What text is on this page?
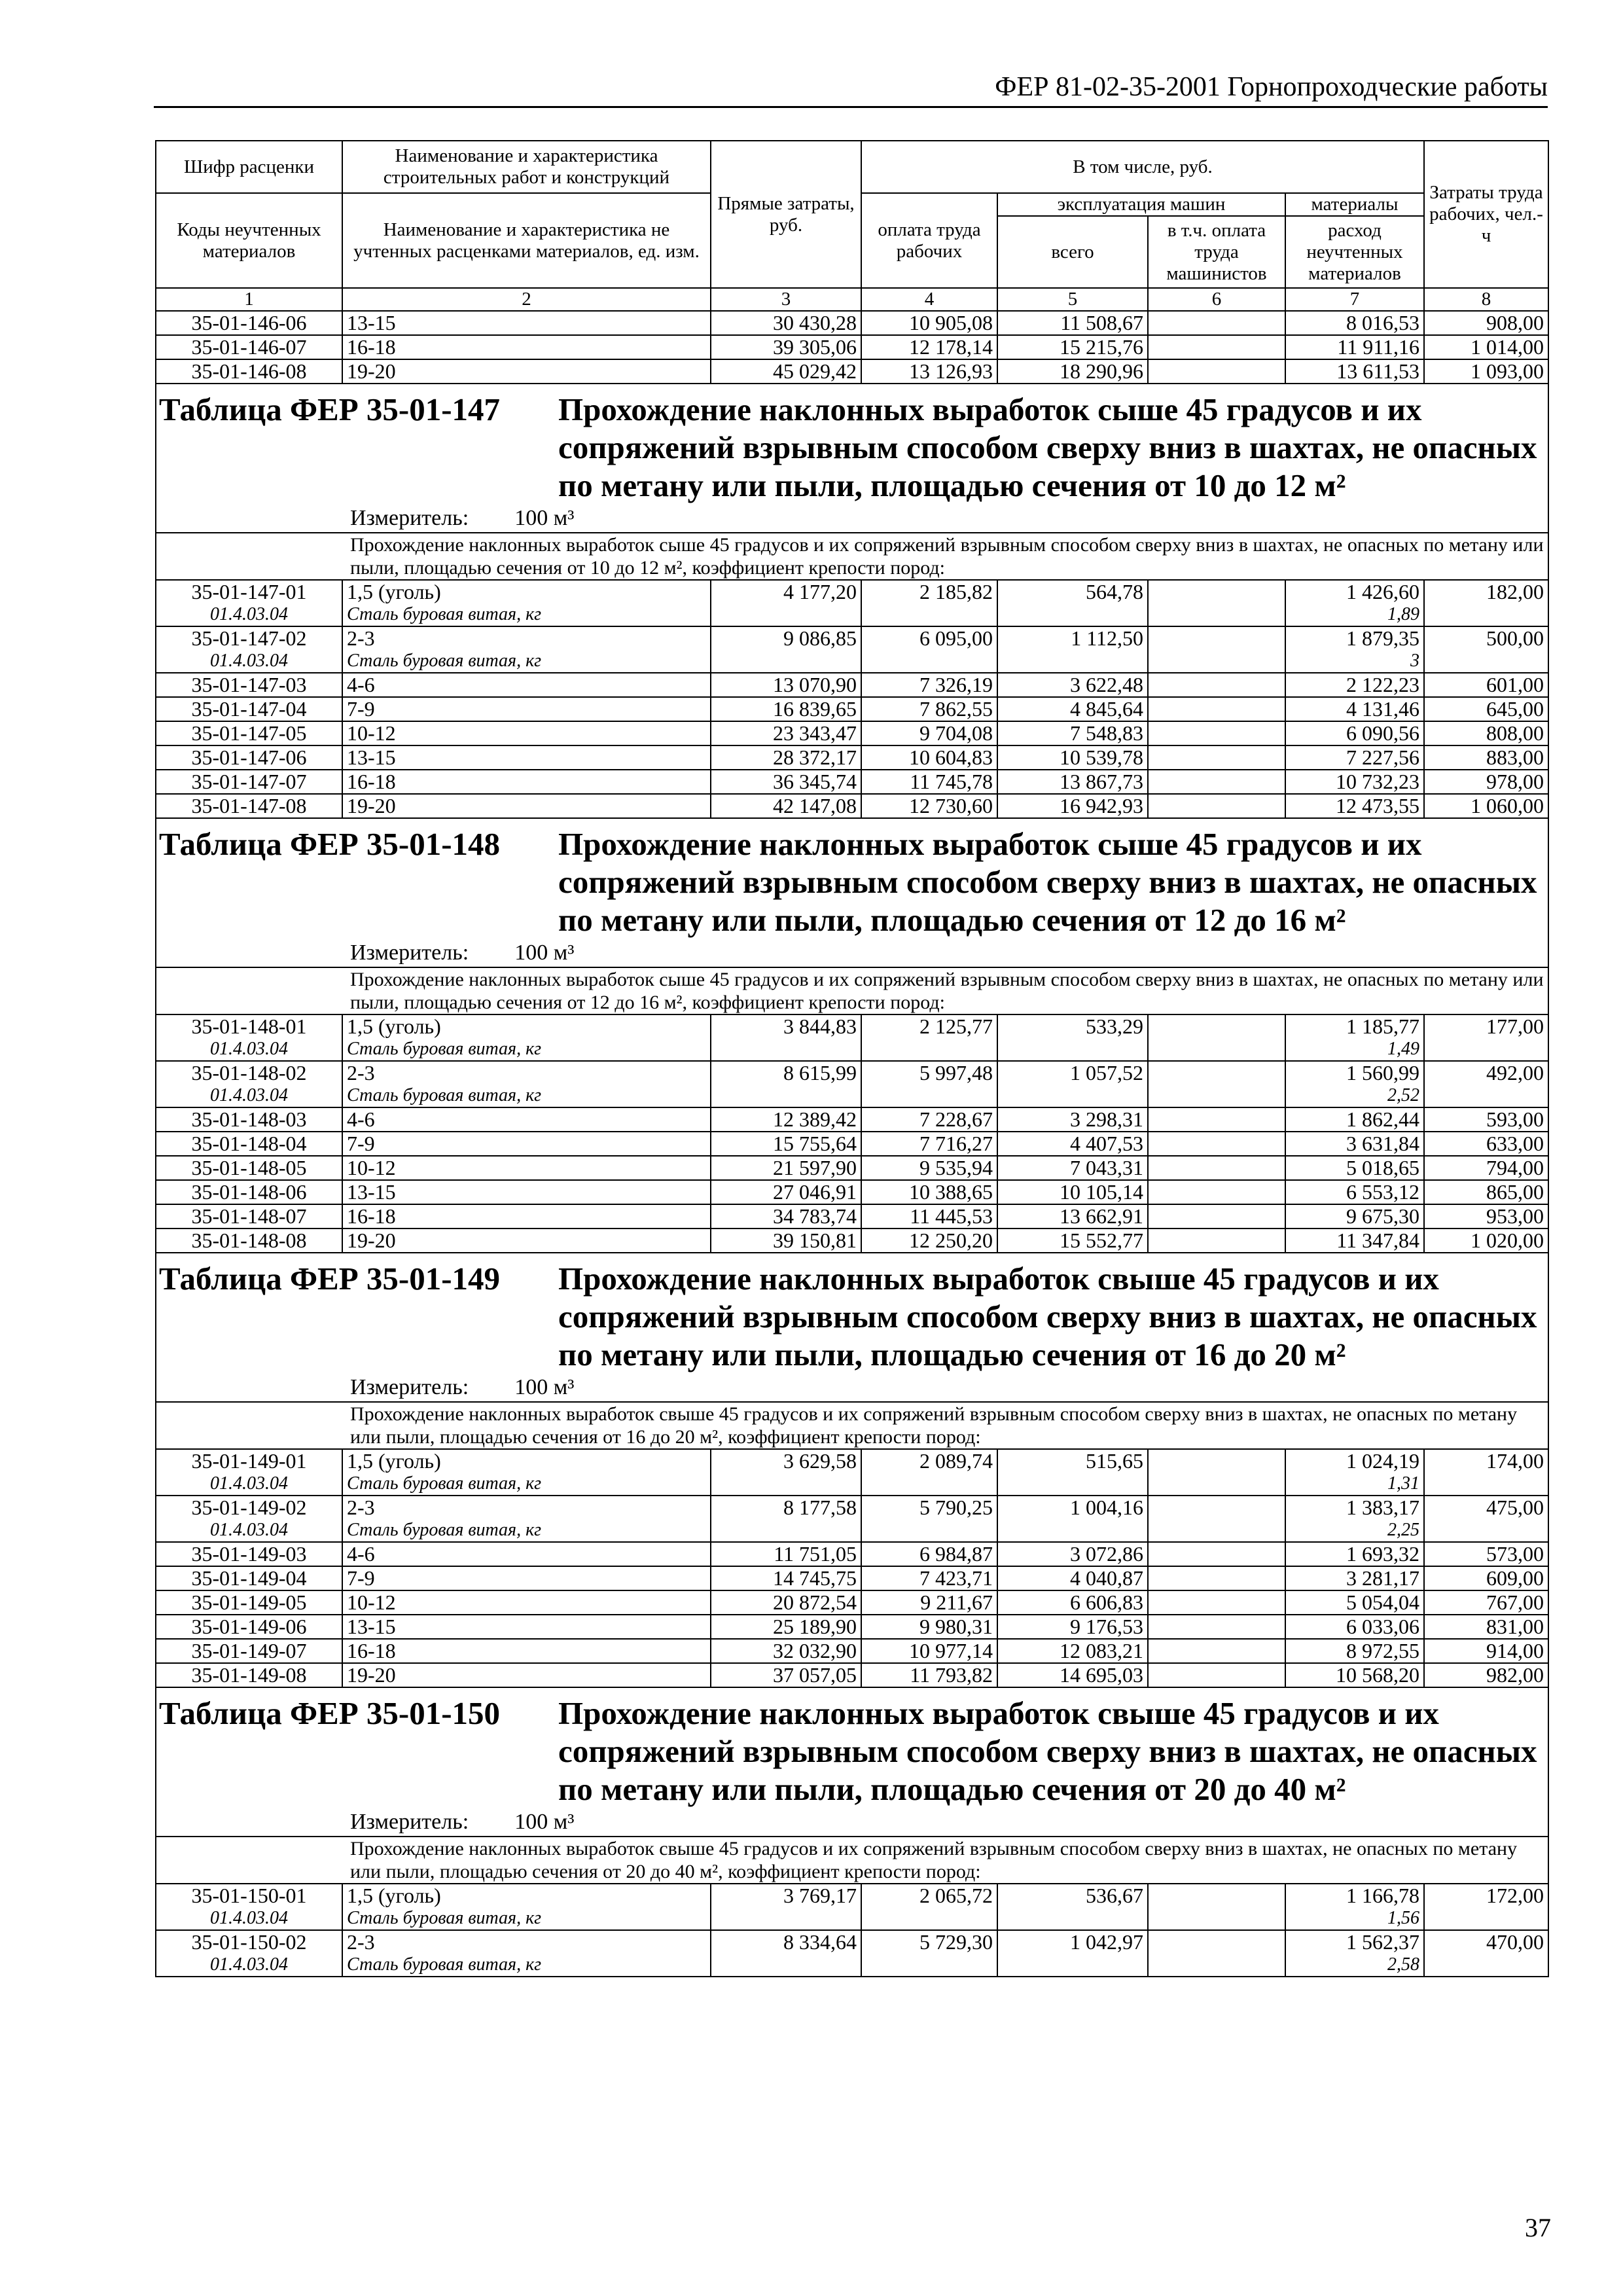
ФЕР 81-02-35-2001 Горнопроходческие работы
Шифр расценки	Наименование и характеристика строительных работ и конструкций	Прямые затраты, руб.	В том числе, руб.				Затраты труда рабочих, чел.-ч
Коды неучтенных материалов	Наименование и характеристика не учтенных расценками материалов, ед. изм.		оплата труда рабочих	эксплуатация машин		материалы	
				всего	в т.ч. оплата труда машинистов	расход неучтенных материалов	
1	2	3	4	5	6	7	8
35-01-146-06	13-15	30 430,28	10 905,08	11 508,67		8 016,53	908,00
35-01-146-07	16-18	39 305,06	12 178,14	15 215,76		11 911,16	1 014,00
35-01-146-08	19-20	45 029,42	13 126,93	18 290,96		13 611,53	1 093,00
Таблица ФЕР 35-01-147 Прохождение наклонных выработок сыше 45 градусов и их сопряжений взрывным способом сверху вниз в шахтах, не опасных по метану или пыли, площадью сечения от 10 до 12 м²							
Измеритель: 100 м³							
Прохождение наклонных выработок сыше 45 градусов и их сопряжений взрывным способом сверху вниз в шахтах, не опасных по метану или пыли, площадью сечения от 10 до 12 м², коэффициент крепости пород:							
35-01-147-01	1,5 (уголь)	4 177,20	2 185,82	564,78		1 426,60	182,00
01.4.03.04	Сталь буровая витая, кг					1,89	
35-01-147-02	2-3	9 086,85	6 095,00	1 112,50		1 879,35	500,00
01.4.03.04	Сталь буровая витая, кг					3	
35-01-147-03	4-6	13 070,90	7 326,19	3 622,48		2 122,23	601,00
35-01-147-04	7-9	16 839,65	7 862,55	4 845,64		4 131,46	645,00
35-01-147-05	10-12	23 343,47	9 704,08	7 548,83		6 090,56	808,00
35-01-147-06	13-15	28 372,17	10 604,83	10 539,78		7 227,56	883,00
35-01-147-07	16-18	36 345,74	11 745,78	13 867,73		10 732,23	978,00
35-01-147-08	19-20	42 147,08	12 730,60	16 942,93		12 473,55	1 060,00
Таблица ФЕР 35-01-148 Прохождение наклонных выработок сыше 45 градусов и их сопряжений взрывным способом сверху вниз в шахтах, не опасных по метану или пыли, площадью сечения от 12 до 16 м²							
Измеритель: 100 м³							
Прохождение наклонных выработок сыше 45 градусов и их сопряжений взрывным способом сверху вниз в шахтах, не опасных по метану или пыли, площадью сечения от 12 до 16 м², коэффициент крепости пород:							
35-01-148-01	1,5 (уголь)	3 844,83	2 125,77	533,29		1 185,77	177,00
01.4.03.04	Сталь буровая витая, кг					1,49	
35-01-148-02	2-3	8 615,99	5 997,48	1 057,52		1 560,99	492,00
01.4.03.04	Сталь буровая витая, кг					2,52	
35-01-148-03	4-6	12 389,42	7 228,67	3 298,31		1 862,44	593,00
35-01-148-04	7-9	15 755,64	7 716,27	4 407,53		3 631,84	633,00
35-01-148-05	10-12	21 597,90	9 535,94	7 043,31		5 018,65	794,00
35-01-148-06	13-15	27 046,91	10 388,65	10 105,14		6 553,12	865,00
35-01-148-07	16-18	34 783,74	11 445,53	13 662,91		9 675,30	953,00
35-01-148-08	19-20	39 150,81	12 250,20	15 552,77		11 347,84	1 020,00
Таблица ФЕР 35-01-149 Прохождение наклонных выработок свыше 45 градусов и их сопряжений взрывным способом сверху вниз в шахтах, не опасных по метану или пыли, площадью сечения от 16 до 20 м²							
Измеритель: 100 м³							
Прохождение наклонных выработок свыше 45 градусов и их сопряжений взрывным способом сверху вниз в шахтах, не опасных по метану или пыли, площадью сечения от 16 до 20 м², коэффициент крепости пород:							
35-01-149-01	1,5 (уголь)	3 629,58	2 089,74	515,65		1 024,19	174,00
01.4.03.04	Сталь буровая витая, кг					1,31	
35-01-149-02	2-3	8 177,58	5 790,25	1 004,16		1 383,17	475,00
01.4.03.04	Сталь буровая витая, кг					2,25	
35-01-149-03	4-6	11 751,05	6 984,87	3 072,86		1 693,32	573,00
35-01-149-04	7-9	14 745,75	7 423,71	4 040,87		3 281,17	609,00
35-01-149-05	10-12	20 872,54	9 211,67	6 606,83		5 054,04	767,00
35-01-149-06	13-15	25 189,90	9 980,31	9 176,53		6 033,06	831,00
35-01-149-07	16-18	32 032,90	10 977,14	12 083,21		8 972,55	914,00
35-01-149-08	19-20	37 057,05	11 793,82	14 695,03		10 568,20	982,00
Таблица ФЕР 35-01-150 Прохождение наклонных выработок свыше 45 градусов и их сопряжений взрывным способом сверху вниз в шахтах, не опасных по метану или пыли, площадью сечения от 20 до 40 м²							
Измеритель: 100 м³							
Прохождение наклонных выработок свыше 45 градусов и их сопряжений взрывным способом сверху вниз в шахтах, не опасных по метану или пыли, площадью сечения от 20 до 40 м², коэффициент крепости пород:							
35-01-150-01	1,5 (уголь)	3 769,17	2 065,72	536,67		1 166,78	172,00
01.4.03.04	Сталь буровая витая, кг					1,56	
35-01-150-02	2-3	8 334,64	5 729,30	1 042,97		1 562,37	470,00
01.4.03.04	Сталь буровая витая, кг					2,58	
37
